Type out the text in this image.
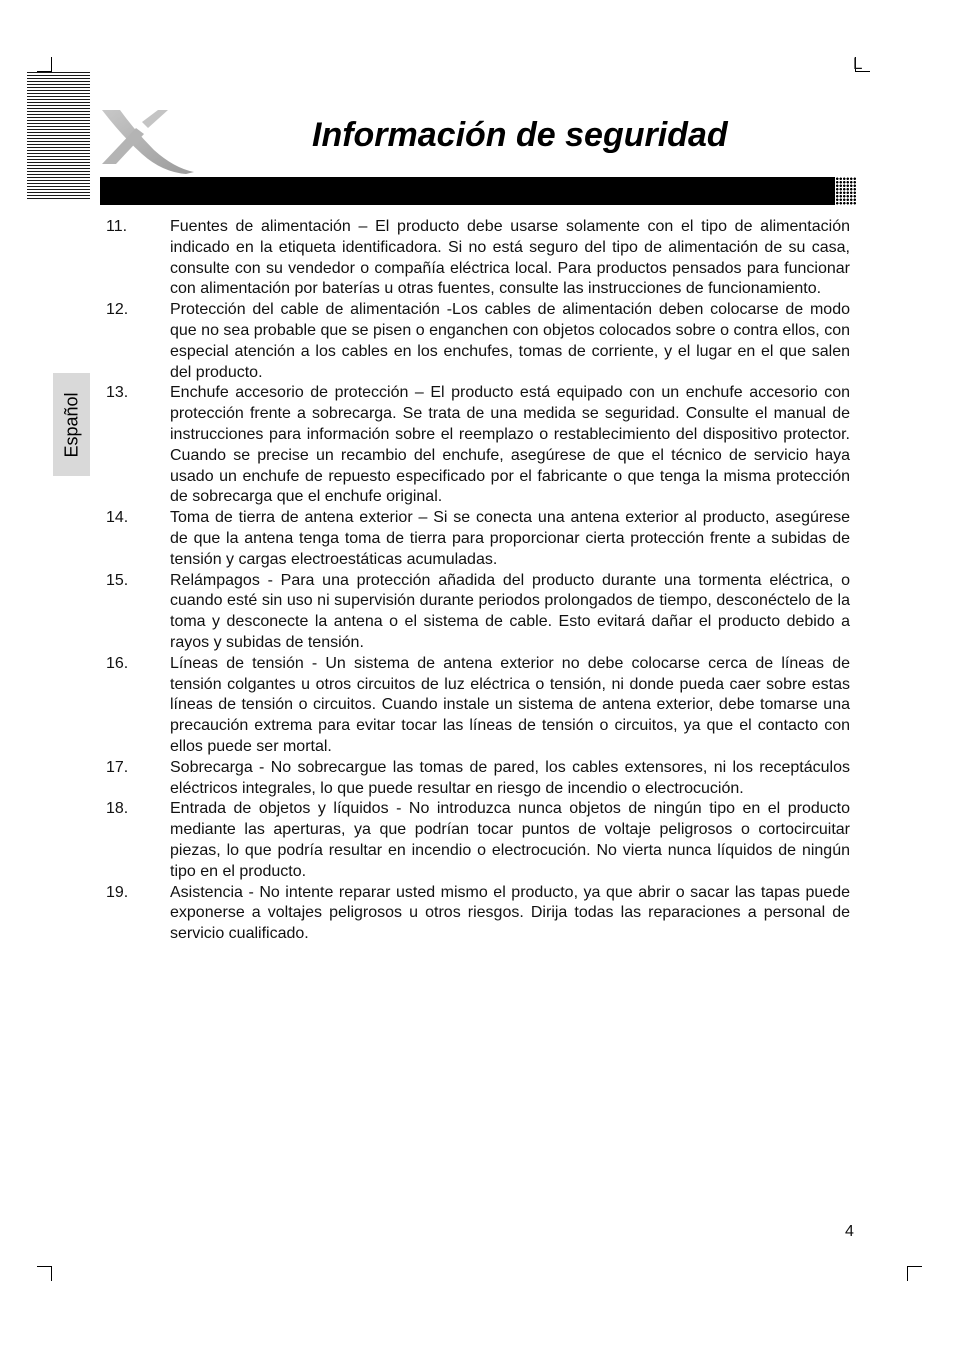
Información de seguridad
L
Español
11.	Fuentes de alimentación – El producto debe usarse solamente con el tipo de alimentación indicado en la etiqueta identificadora. Si no está seguro del tipo de alimentación de su casa, consulte con su vendedor o compañía eléctrica local. Para productos pensados para funcionar con alimentación por baterías u otras fuentes, consulte las instrucciones de funcionamiento.
12.	Protección del cable de alimentación -Los cables de alimentación deben colocarse de modo que no sea probable que se pisen o enganchen con objetos colocados sobre o contra ellos, con especial atención a los cables en los enchufes, tomas de corriente, y el lugar en el que salen del producto.
13.	Enchufe accesorio de protección – El producto está equipado con un enchufe accesorio con protección frente a sobrecarga. Se trata de una medida se seguridad. Consulte el manual de instrucciones para información sobre el reemplazo o restablecimiento del dispositivo protector. Cuando se precise un recambio del enchufe, asegúrese de que el técnico de servicio haya usado un enchufe de repuesto especificado por el fabricante o que tenga la misma protección de sobrecarga que el enchufe original.
14.	Toma de tierra de antena exterior – Si se conecta una antena exterior al producto, asegúrese de que la antena tenga toma de tierra para proporcionar cierta protección frente a subidas de tensión y cargas electroestáticas acumuladas.
15.	Relámpagos - Para una protección añadida del producto durante una tormenta eléctrica, o cuando esté sin uso ni supervisión durante periodos prolongados de tiempo, desconéctelo de la toma y desconecte la antena o el sistema de cable. Esto evitará dañar el producto debido a rayos y subidas de tensión.
16.	Líneas de tensión - Un sistema de antena exterior no debe colocarse cerca de líneas de tensión colgantes u otros circuitos de luz eléctrica o tensión, ni donde pueda caer sobre estas líneas de tensión o circuitos. Cuando instale un sistema de antena exterior, debe tomarse una precaución extrema para evitar tocar las líneas de tensión o circuitos, ya que el contacto con ellos puede ser mortal.
17.	Sobrecarga - No sobrecargue las tomas de pared, los cables extensores, ni los receptáculos eléctricos integrales, lo que puede resultar en riesgo de incendio o electrocución.
18.	Entrada de objetos y líquidos - No introduzca nunca objetos de ningún tipo en el producto mediante las aperturas, ya que podrían tocar puntos de voltaje peligrosos o cortocircuitar piezas, lo que podría resultar en incendio o electrocución. No vierta nunca líquidos de ningún tipo en el producto.
19.	Asistencia - No intente reparar usted mismo el producto, ya que abrir o sacar las tapas puede exponerse a voltajes peligrosos u otros riesgos. Dirija todas las reparaciones a personal de servicio cualificado.
4
